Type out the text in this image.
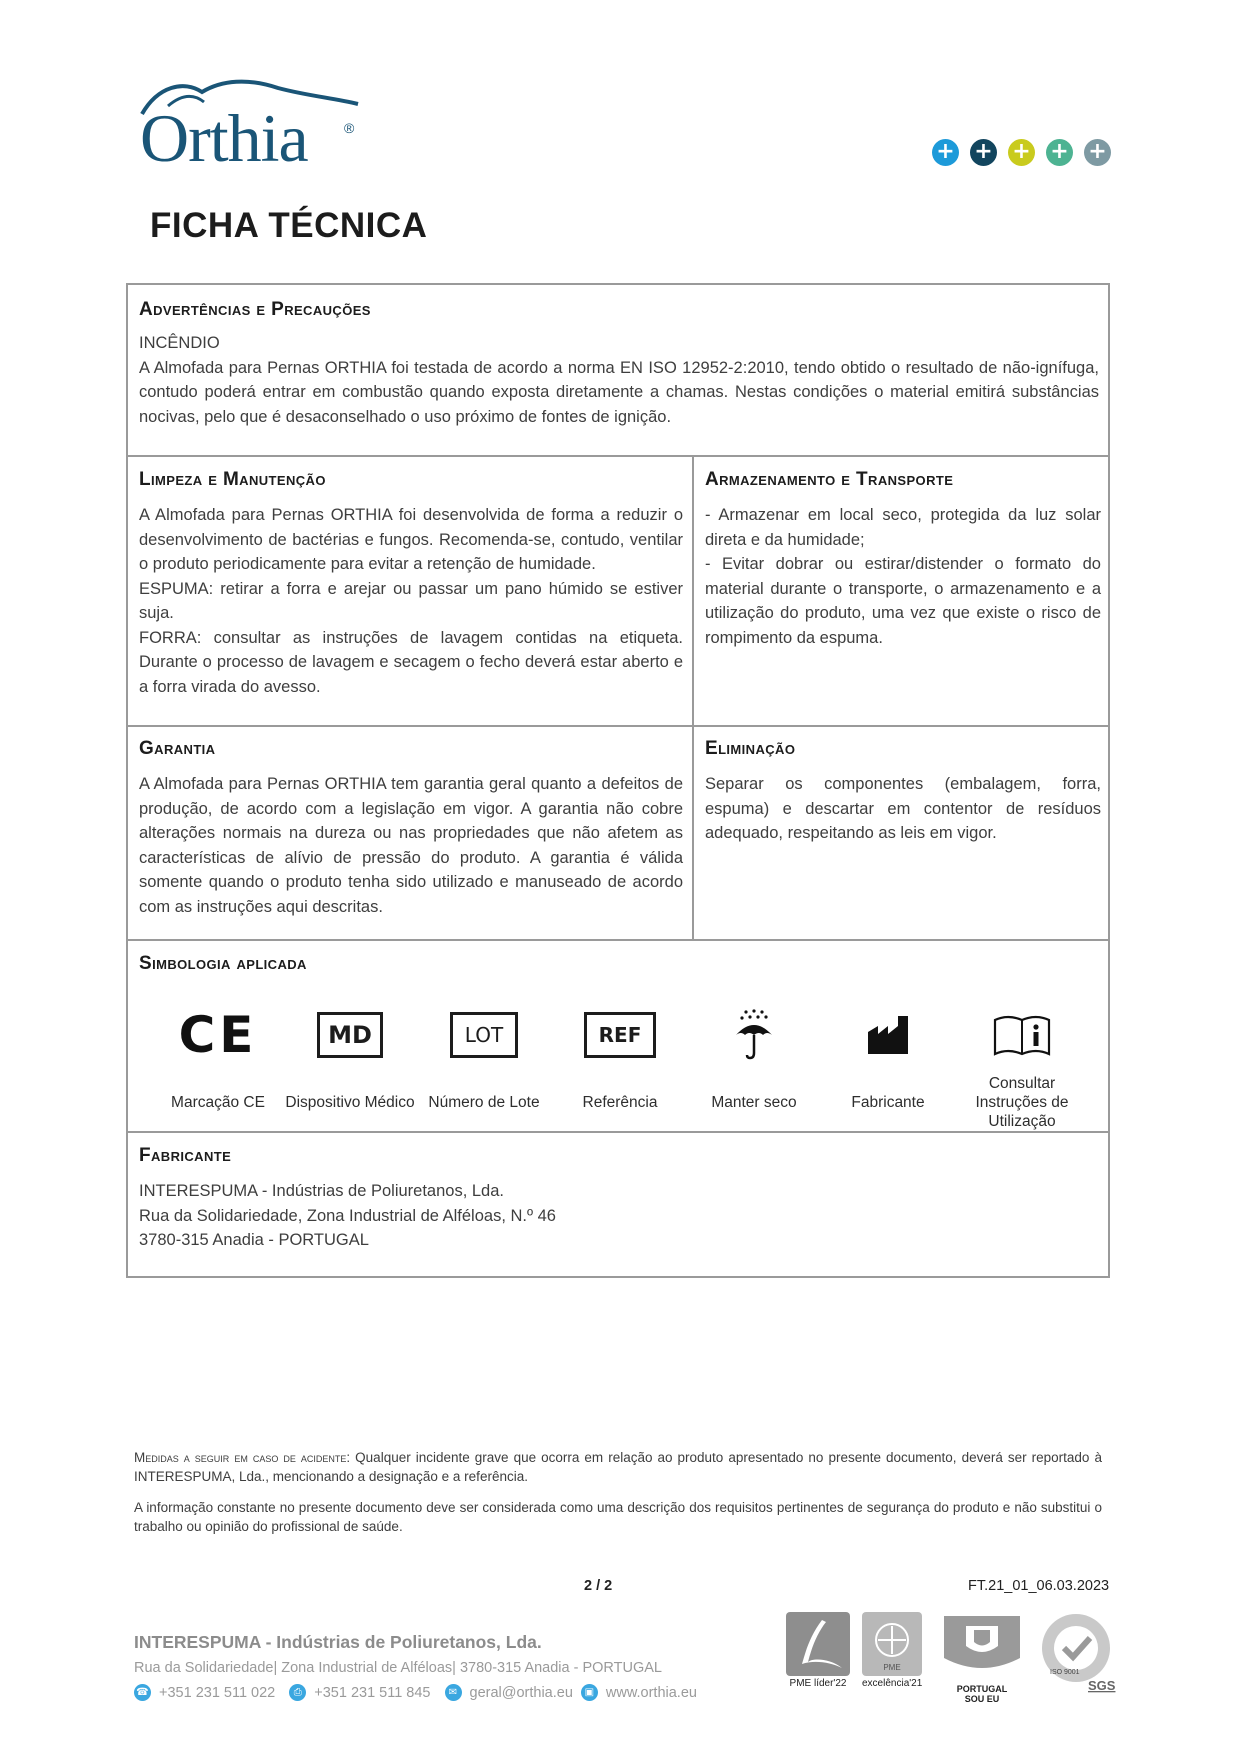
Orthia	®
+ + + + +
FICHA TÉCNICA
Advertências e Precauções

INCÊNDIO

A Almofada para Pernas ORTHIA foi testada de acordo a norma EN ISO 12952-2:2010, tendo obtido o resultado de não-ignífuga, contudo poderá entrar em combustão quando exposta diretamente a chamas. Nestas condições o material emitirá substâncias nocivas, pelo que é desaconselhado o uso próximo de fontes de ignição.

Limpeza e Manutenção

A Almofada para Pernas ORTHIA foi desenvolvida de forma a reduzir o desenvolvimento de bactérias e fungos. Recomenda-se, contudo, ventilar o produto periodicamente para evitar a retenção de humidade.

ESPUMA: retirar a forra e arejar ou passar um pano húmido se estiver suja.

FORRA: consultar as instruções de lavagem contidas na etiqueta. Durante o processo de lavagem e secagem o fecho deverá estar aberto e a forra virada do avesso.

Armazenamento e Transporte

- Armazenar em local seco, protegida da luz solar direta e da humidade;

- Evitar dobrar ou estirar/distender o formato do material durante o transporte, o armazenamento e a utilização do produto, uma vez que existe o risco de rompimento da espuma.

Garantia

A Almofada para Pernas ORTHIA tem garantia geral quanto a defeitos de produção, de acordo com a legislação em vigor. A garantia não cobre alterações normais na dureza ou nas propriedades que não afetem as características de alívio de pressão do produto. A garantia é válida somente quando o produto tenha sido utilizado e manuseado de acordo com as instruções aqui descritas.

Eliminação

Separar os componentes (embalagem, forra, espuma) e descartar em contentor de resíduos adequado, respeitando as leis em vigor.

Simbologia aplicada
CE
Marcação CE
MD
Dispositivo Médico
LOT
Número de Lote
REF
Referência	Manter seco	Fabricante
Consultar Instruções de Utilização
Fabricante

INTERESPUMA - Indústrias de Poliuretanos, Lda.

Rua da Solidariedade, Zona Industrial de Alféloas, N.º 46

3780-315 Anadia - PORTUGAL

Medidas a seguir em caso de acidente: Qualquer incidente grave que ocorra em relação ao produto apresentado no presente documento, deverá ser reportado à INTERESPUMA, Lda., mencionando a designação e a referência.
A informação constante no presente documento deve ser considerada como uma descrição dos requisitos pertinentes de segurança do produto e não substitui o trabalho ou opinião do profissional de saúde.
2 / 2	FT.21_01_06.03.2023
INTERESPUMA - Indústrias de Poliuretanos, Lda.
Rua da Solidariedade| Zona Industrial de Alféloas| 3780-315 Anadia - PORTUGAL
☎ +351 231 511 022	⎙ +351 231 511 845	✉ geral@orthia.eu	▣ www.orthia.eu
PME líder'22
PME
excelência'21	PORTUGAL SOU EU
ISO 9001
SGS
